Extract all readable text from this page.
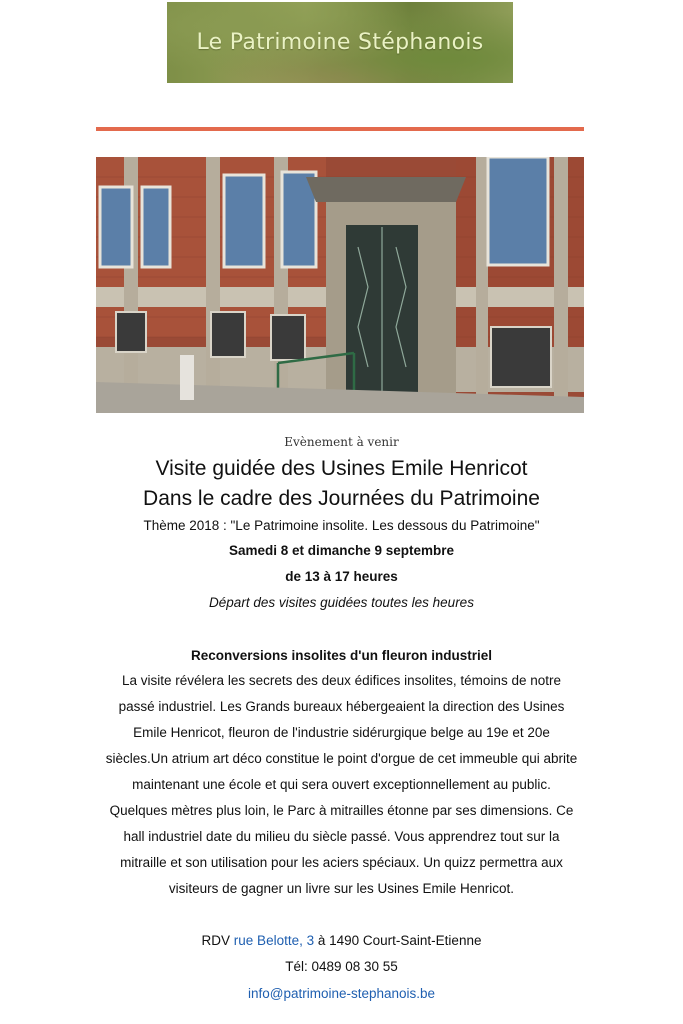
Le Patrimoine Stéphanois
Evènement à venir
Visite guidée des Usines Emile Henricot
Dans le cadre des Journées du Patrimoine
Thème 2018 : "Le Patrimoine insolite. Les dessous du Patrimoine"
Samedi 8 et dimanche 9 septembre
de 13 à 17 heures
Départ des visites guidées toutes les heures
Reconversions insolites d'un fleuron industriel
La visite révélera les secrets des deux édifices insolites, témoins de notre
passé industriel. Les Grands bureaux hébergeaient la direction des Usines
Emile Henricot, fleuron de l'industrie sidérurgique belge au 19e et 20e
siècles.Un atrium art déco constitue le point d'orgue de cet immeuble qui abrite
maintenant une école et qui sera ouvert exceptionnellement au public.
Quelques mètres plus loin, le Parc à mitrailles étonne par ses dimensions. Ce
hall industriel date du milieu du siècle passé. Vous apprendrez tout sur la
mitraille et son utilisation pour les aciers spéciaux. Un quizz permettra aux
visiteurs de gagner un livre sur les Usines Emile Henricot.
RDV rue Belotte, 3 à 1490 Court-Saint-Etienne
Tél: 0489 08 30 55
info@patrimoine-stephanois.be
